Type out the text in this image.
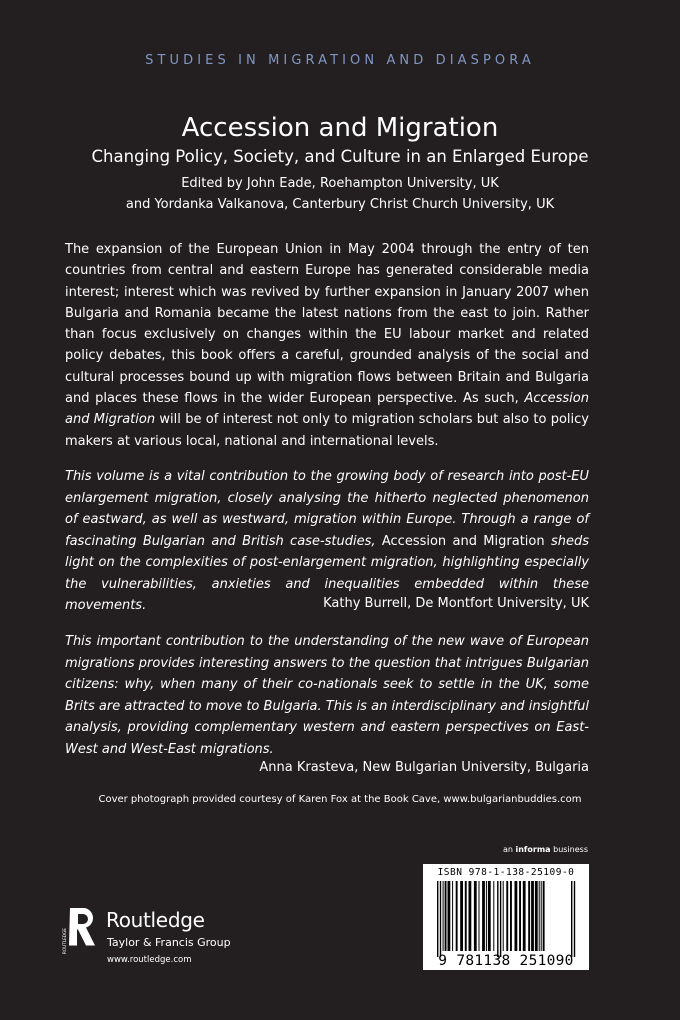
STUDIES IN MIGRATION AND DIASPORA
Accession and Migration
Changing Policy, Society, and Culture in an Enlarged Europe
Edited by John Eade, Roehampton University, UK
and Yordanka Valkanova, Canterbury Christ Church University, UK

The expansion of the European Union in May 2004 through the entry of ten countries from central and eastern Europe has generated considerable media interest; interest which was revived by further expansion in January 2007 when Bulgaria and Romania became the latest nations from the east to join. Rather than focus exclusively on changes within the EU labour market and related policy debates, this book offers a careful, grounded analysis of the social and cultural processes bound up with migration flows between Britain and Bulgaria and places these flows in the wider European perspective. As such, Accession and Migration will be of interest not only to migration scholars but also to policy makers at various local, national and international levels.

This volume is a vital contribution to the growing body of research into post-EU enlargement migration, closely analysing the hitherto neglected phenomenon of eastward, as well as westward, migration within Europe. Through a range of fascinating Bulgarian and British case-studies, Accession and Migration sheds light on the complexities of post-enlargement migration, highlighting especially the vulnerabilities, anxieties and inequalities embedded within these movements.	Kathy Burrell, De Montfort University, UK

This important contribution to the understanding of the new wave of European migrations provides interesting answers to the question that intrigues Bulgarian citizens: why, when many of their co-nationals seek to settle in the UK, some Brits are attracted to move to Bulgaria. This is an interdisciplinary and insightful analysis, providing complementary western and eastern perspectives on East-West and West-East migrations.

Anna Krasteva, New Bulgarian University, Bulgaria
Cover photograph provided courtesy of Karen Fox at the Book Cave, www.bulgarianbuddies.com
an informa business
ISBN 978-1-138-25109-0
9 781138 251090
ROUTLEDGE
Routledge
Taylor & Francis Group
www.routledge.com
